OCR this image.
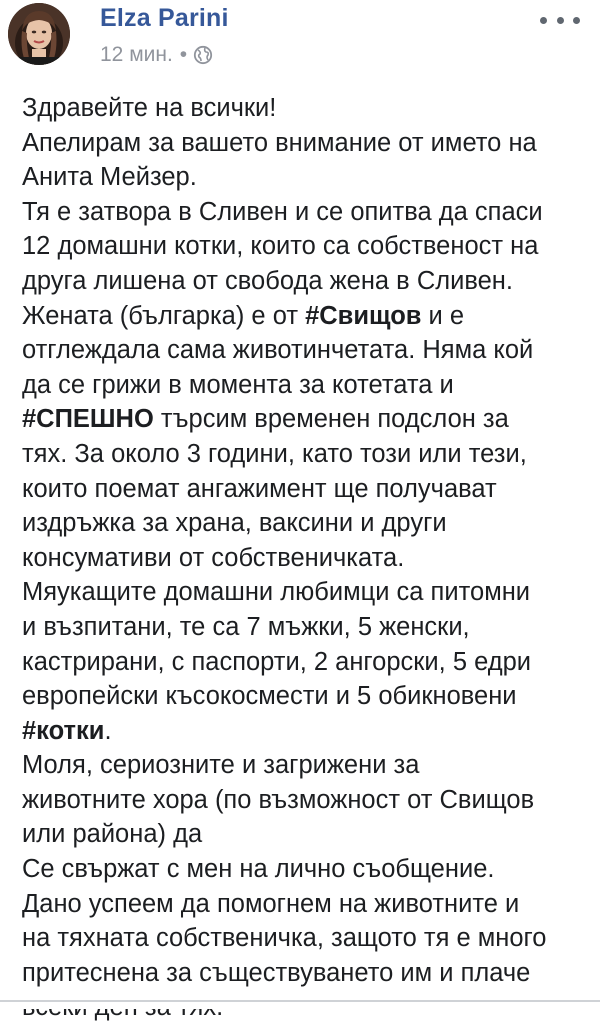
Elza Parini
12 мин. •
Здравейте на всички!
Апелирам за вашето внимание от името на
Анита Мейзер.
Тя е затвора в Сливен и се опитва да спаси
12 домашни котки, които са собственост на
друга лишена от свобода жена в Сливен.
Жената (българка) е от #Свищов и е
отглеждала сама животинчетата. Няма кой
да се грижи в момента за котетата и
#СПЕШНО търсим временен подслон за
тях. За около 3 години, като този или тези,
които поемат ангажимент ще получават
издръжка за храна, ваксини и други
консумативи от собственичката.
Мяукащите домашни любимци са питомни
и възпитани, те са 7 мъжки, 5 женски,
кастрирани, с паспорти, 2 ангорски, 5 едри
европейски късокосмести и 5 обикновени
#котки.
Моля, сериозните и загрижени за
животните хора (по възможност от Свищов
или района) да
Се свържат с мен на лично съобщение.
Дано успеем да помогнем на животните и
на тяхната собственичка, защото тя е много
притеснена за съществуването им и плаче
